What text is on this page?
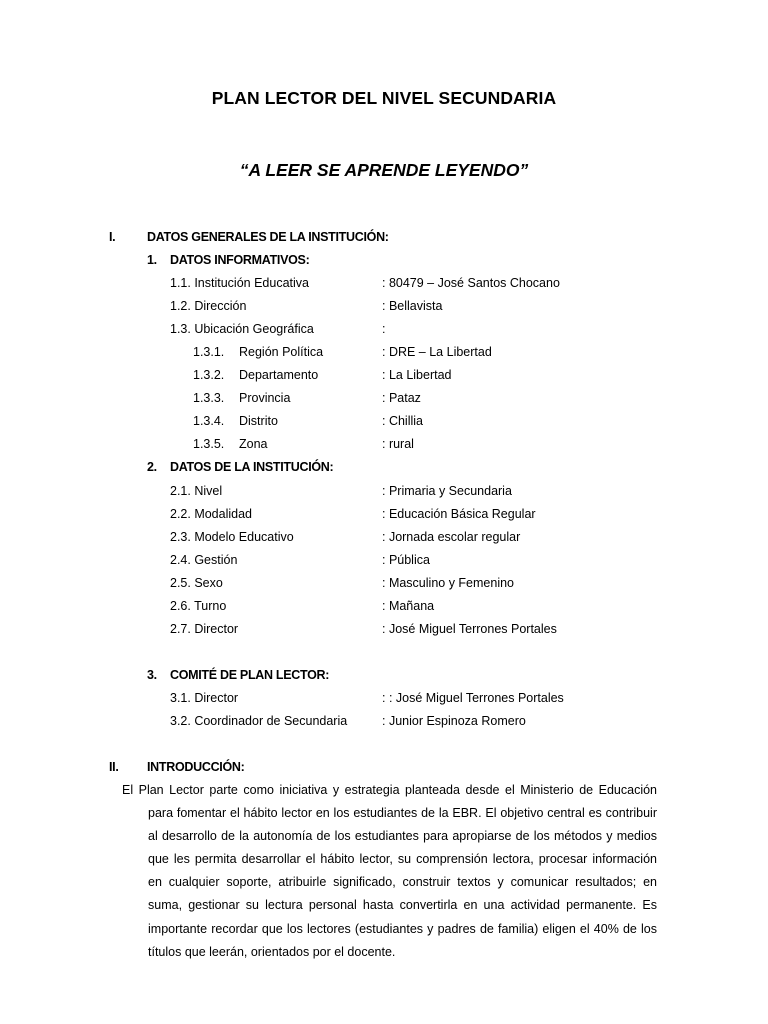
PLAN LECTOR DEL NIVEL SECUNDARIA
“A LEER SE APRENDE LEYENDO”
I.	DATOS GENERALES DE LA INSTITUCIÓN:
1. DATOS INFORMATIVOS:
1.1. Institución Educativa	: 80479 – José Santos Chocano
1.2. Dirección	: Bellavista
1.3. Ubicación Geográfica	:
1.3.1. Región Política	: DRE – La Libertad
1.3.2. Departamento	: La Libertad
1.3.3. Provincia	: Pataz
1.3.4. Distrito	: Chillia
1.3.5. Zona	: rural
2. DATOS DE LA INSTITUCIÓN:
2.1. Nivel	: Primaria y Secundaria
2.2. Modalidad	: Educación Básica Regular
2.3. Modelo Educativo	: Jornada escolar regular
2.4. Gestión	: Pública
2.5. Sexo	: Masculino y Femenino
2.6. Turno	: Mañana
2.7. Director	: José Miguel Terrones Portales
3. COMITÉ DE PLAN LECTOR:
3.1. Director	: : José Miguel Terrones Portales
3.2. Coordinador de Secundaria	: Junior Espinoza Romero
II. INTRODUCCIÓN:

El Plan Lector parte como iniciativa y estrategia planteada desde el Ministerio de Educación para fomentar el hábito lector en los estudiantes de la EBR. El objetivo central es contribuir al desarrollo de la autonomía de los estudiantes para apropiarse de los métodos y medios que les permita desarrollar el hábito lector, su comprensión lectora, procesar información en cualquier soporte, atribuirle significado, construir textos y comunicar resultados; en suma, gestionar su lectura personal hasta convertirla en una actividad permanente. Es importante recordar que los lectores (estudiantes y padres de familia) eligen el 40% de los títulos que leerán, orientados por el docente.
